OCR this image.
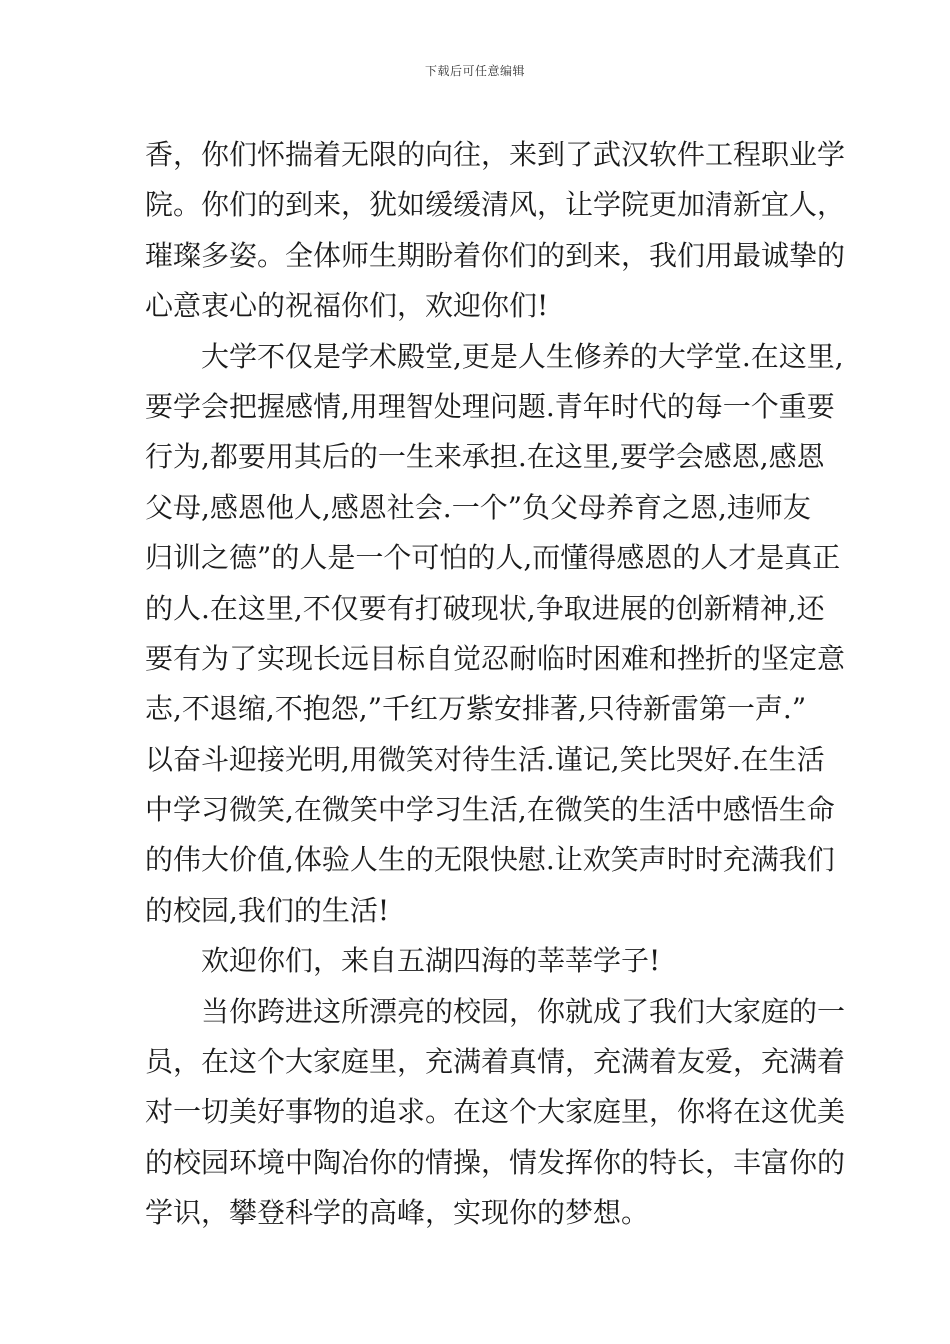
下载后可任意编辑
香，你们怀揣着无限的向往，来到了武汉软件工程职业学
院。你们的到来，犹如缓缓清风，让学院更加清新宜人，
璀璨多姿。全体师生期盼着你们的到来，我们用最诚挚的
心意衷心的祝福你们，欢迎你们!
大学不仅是学术殿堂,更是人生修养的大学堂.在这里,
要学会把握感情,用理智处理问题.青年时代的每一个重要
行为,都要用其后的一生来承担.在这里,要学会感恩,感恩
父母,感恩他人,感恩社会.一个”负父母养育之恩,违师友
归训之德”的人是一个可怕的人,而懂得感恩的人才是真正
的人.在这里,不仅要有打破现状,争取进展的创新精神,还
要有为了实现长远目标自觉忍耐临时困难和挫折的坚定意
志,不退缩,不抱怨,”千红万紫安排著,只待新雷第一声.”
以奋斗迎接光明,用微笑对待生活.谨记,笑比哭好.在生活
中学习微笑,在微笑中学习生活,在微笑的生活中感悟生命
的伟大价值,体验人生的无限快慰.让欢笑声时时充满我们
的校园,我们的生活!
欢迎你们，来自五湖四海的莘莘学子!
当你跨进这所漂亮的校园，你就成了我们大家庭的一
员，在这个大家庭里，充满着真情，充满着友爱，充满着
对一切美好事物的追求。在这个大家庭里，你将在这优美
的校园环境中陶冶你的情操，情发挥你的特长，丰富你的
学识，攀登科学的高峰，实现你的梦想。
